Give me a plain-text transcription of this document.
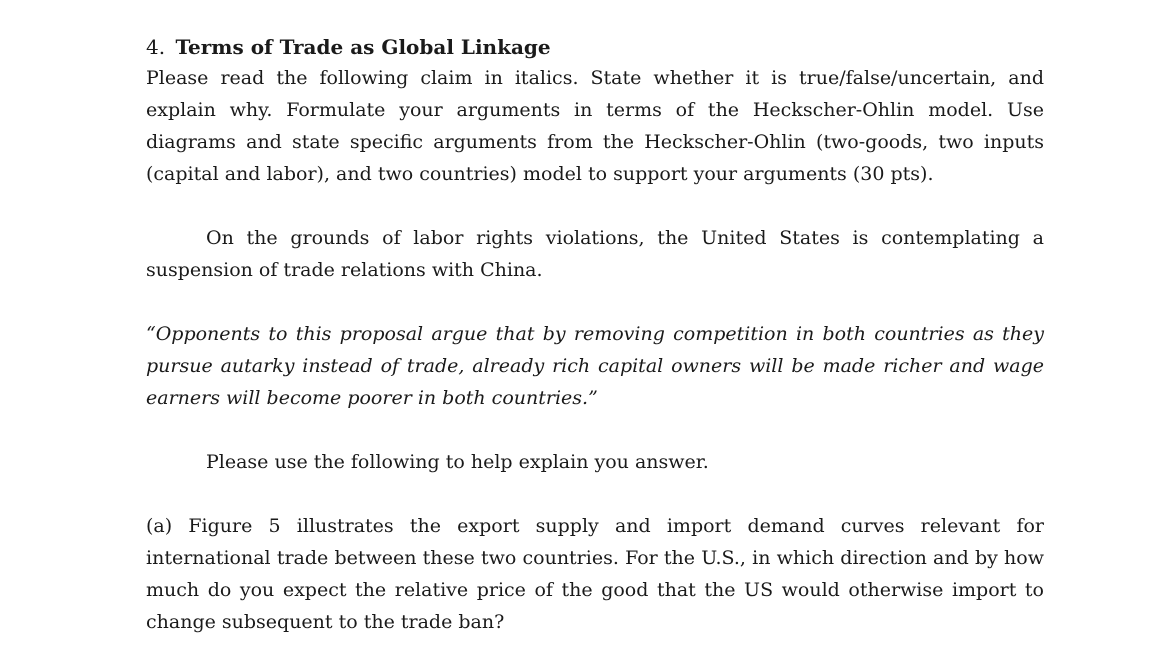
4. Terms of Trade as Global Linkage

Please read the following claim in italics. State whether it is true/false/uncertain, and explain why. Formulate your arguments in terms of the Heckscher-Ohlin model. Use diagrams and state specific arguments from the Heckscher-Ohlin (two-goods, two inputs (capital and labor), and two countries) model to support your arguments (30 pts).

On the grounds of labor rights violations, the United States is contemplating a suspension of trade relations with China.

“Opponents to this proposal argue that by removing competition in both countries as they pursue autarky instead of trade, already rich capital owners will be made richer and wage earners will become poorer in both countries.”

Please use the following to help explain you answer.

(a) Figure 5 illustrates the export supply and import demand curves relevant for international trade between these two countries. For the U.S., in which direction and by how much do you expect the relative price of the good that the US would otherwise import to change subsequent to the trade ban?
